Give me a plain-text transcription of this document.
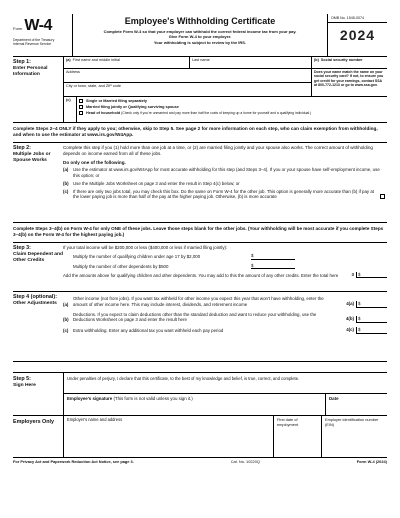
Form W-4
Department of the Treasury
Internal Revenue Service
Employee's Withholding Certificate
Complete Form W-4 so that your employer can withhold the correct federal income tax from your pay.
Give Form W-4 to your employer.
Your withholding is subject to review by the IRS.
OMB No. 1545-0074
2024
Step 1:
Enter Personal Information
(a) First name and middle initial	Last name	(b) Social security number
Address
City or town, state, and ZIP code
Does your name match the name on your social security card? If not, to ensure you get credit for your earnings, contact SSA at 800-772-1213 or go to www.ssa.gov.
(c)	Single or Married filing separately
Married filing jointly or Qualifying surviving spouse
Head of household (Check only if you're unmarried and pay more than half the costs of keeping up a home for yourself and a qualifying individual.)
Complete Steps 2–4 ONLY if they apply to you; otherwise, skip to Step 5. See page 2 for more information on each step, who can claim exemption from withholding, and when to use the estimator at www.irs.gov/W4App.
Step 2:
Multiple Jobs or Spouse Works
Complete this step if you (1) hold more than one job at a time, or (2) are married filing jointly and your spouse also works. The correct amount of withholding depends on income earned from all of these jobs.
Do only one of the following.
(a)	Use the estimator at www.irs.gov/W4App for most accurate withholding for this step (and Steps 3–4). If you or your spouse have self-employment income, use this option; or
(b) Use the Multiple Jobs Worksheet on page 3 and enter the result in Step 4(c) below; or
(c)	If there are only two jobs total, you may check this box. Do the same on Form W-4 for the other job. This option is generally more accurate than (b) if pay at the lower paying job is more than half of the pay at the higher paying job. Otherwise, (b) is more accurate
Complete Steps 3–4(b) on Form W-4 for only ONE of these jobs. Leave those steps blank for the other jobs. (Your withholding will be most accurate if you complete Steps 3–4(b) on the Form W-4 for the highest paying job.)
Step 3:
Claim Dependent and Other Credits
If your total income will be $200,000 or less ($400,000 or less if married filing jointly):
Multiply the number of qualifying children under age 17 by $2,000	$
Multiply the number of other dependents by $500	$
Add the amounts above for qualifying children and other dependents. You may add to this the amount of any other credits. Enter the total here	3 $
Step 4 (optional):
Other Adjustments	(a)
Other income (not from jobs). If you want tax withheld for other income you expect this year that won't have withholding, enter the amount of other income here. This may include interest, dividends, and retirement income	4(a) $
(b)
Deductions. If you expect to claim deductions other than the standard deduction and want to reduce your withholding, use the Deductions Worksheet on page 3 and enter the result here	4(b) $
(c)	Extra withholding. Enter any additional tax you want withheld each pay period	4(c) $
Step 5:
Sign Here
Under penalties of perjury, I declare that this certificate, to the best of my knowledge and belief, is true, correct, and complete.
Employee's signature (This form is not valid unless you sign it.)	Date
Employers Only	Employer's name and address	First date of employment
Employer identification number (EIN)
For Privacy Act and Paperwork Reduction Act Notice, see page 3.	Cat. No. 10220Q	Form W-4 (2024)
